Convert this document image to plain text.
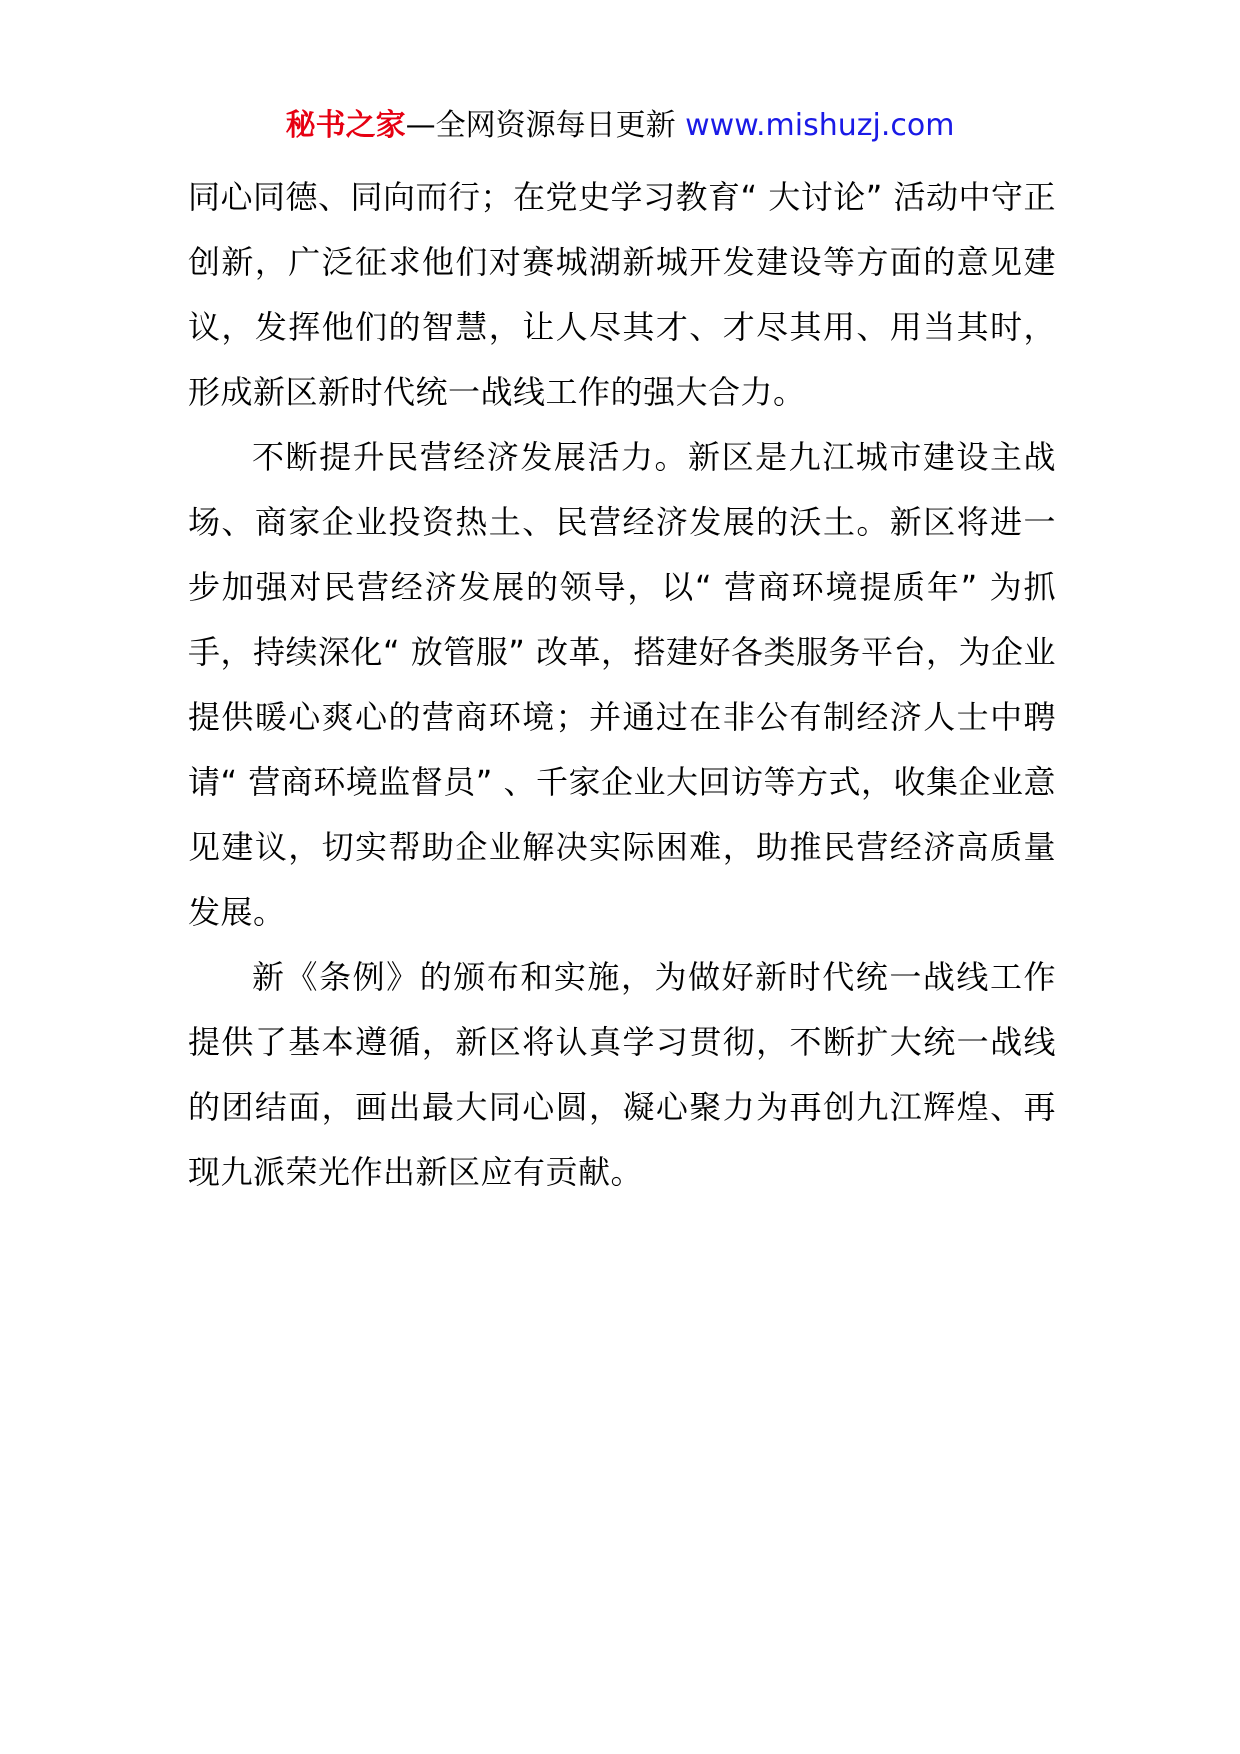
秘书之家—全网资源每日更新 www.mishuzj.com

同心同德、同向而行；在党史学习教育“ 大讨论” 活动中守正创新，广泛征求他们对赛城湖新城开发建设等方面的意见建议，发挥他们的智慧，让人尽其才、才尽其用、用当其时，形成新区新时代统一战线工作的强大合力。

不断提升民营经济发展活力。新区是九江城市建设主战场、商家企业投资热土、民营经济发展的沃土。新区将进一步加强对民营经济发展的领导，以“ 营商环境提质年” 为抓手，持续深化“ 放管服” 改革，搭建好各类服务平台，为企业提供暖心爽心的营商环境；并通过在非公有制经济人士中聘请“ 营商环境监督员” 、千家企业大回访等方式，收集企业意见建议，切实帮助企业解决实际困难，助推民营经济高质量发展。

新《条例》的颁布和实施，为做好新时代统一战线工作提供了基本遵循，新区将认真学习贯彻，不断扩大统一战线的团结面，画出最大同心圆，凝心聚力为再创九江辉煌、再现九派荣光作出新区应有贡献。
